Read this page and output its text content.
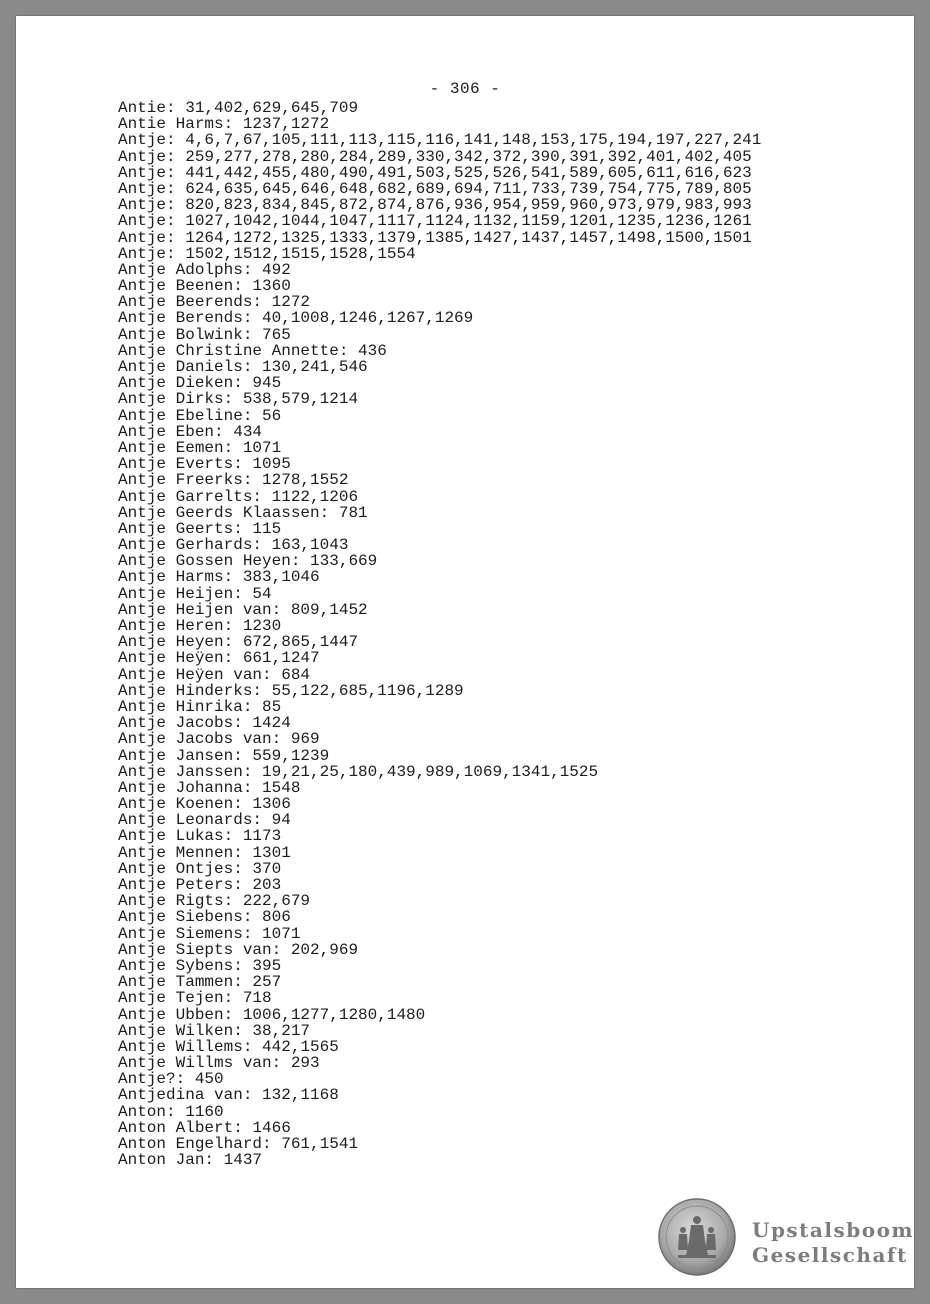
- 306 -
Antie: 31,402,629,645,709
Antie Harms: 1237,1272
Antje: 4,6,7,67,105,111,113,115,116,141,148,153,175,194,197,227,241
Antje: 259,277,278,280,284,289,330,342,372,390,391,392,401,402,405
Antje: 441,442,455,480,490,491,503,525,526,541,589,605,611,616,623
Antje: 624,635,645,646,648,682,689,694,711,733,739,754,775,789,805
Antje: 820,823,834,845,872,874,876,936,954,959,960,973,979,983,993
Antje: 1027,1042,1044,1047,1117,1124,1132,1159,1201,1235,1236,1261
Antje: 1264,1272,1325,1333,1379,1385,1427,1437,1457,1498,1500,1501
Antje: 1502,1512,1515,1528,1554
Antje Adolphs: 492
Antje Beenen: 1360
Antje Beerends: 1272
Antje Berends: 40,1008,1246,1267,1269
Antje Bolwink: 765
Antje Christine Annette: 436
Antje Daniels: 130,241,546
Antje Dieken: 945
Antje Dirks: 538,579,1214
Antje Ebeline: 56
Antje Eben: 434
Antje Eemen: 1071
Antje Everts: 1095
Antje Freerks: 1278,1552
Antje Garrelts: 1122,1206
Antje Geerds Klaassen: 781
Antje Geerts: 115
Antje Gerhards: 163,1043
Antje Gossen Heyen: 133,669
Antje Harms: 383,1046
Antje Heijen: 54
Antje Heijen van: 809,1452
Antje Heren: 1230
Antje Heyen: 672,865,1447
Antje Heÿen: 661,1247
Antje Heÿen van: 684
Antje Hinderks: 55,122,685,1196,1289
Antje Hinrika: 85
Antje Jacobs: 1424
Antje Jacobs van: 969
Antje Jansen: 559,1239
Antje Janssen: 19,21,25,180,439,989,1069,1341,1525
Antje Johanna: 1548
Antje Koenen: 1306
Antje Leonards: 94
Antje Lukas: 1173
Antje Mennen: 1301
Antje Ontjes: 370
Antje Peters: 203
Antje Rigts: 222,679
Antje Siebens: 806
Antje Siemens: 1071
Antje Siepts van: 202,969
Antje Sybens: 395
Antje Tammen: 257
Antje Tejen: 718
Antje Ubben: 1006,1277,1280,1480
Antje Wilken: 38,217
Antje Willems: 442,1565
Antje Willms van: 293
Antje?: 450
Antjedina van: 132,1168
Anton: 1160
Anton Albert: 1466
Anton Engelhard: 761,1541
Anton Jan: 1437
Upstalsboom
Gesellschaft
